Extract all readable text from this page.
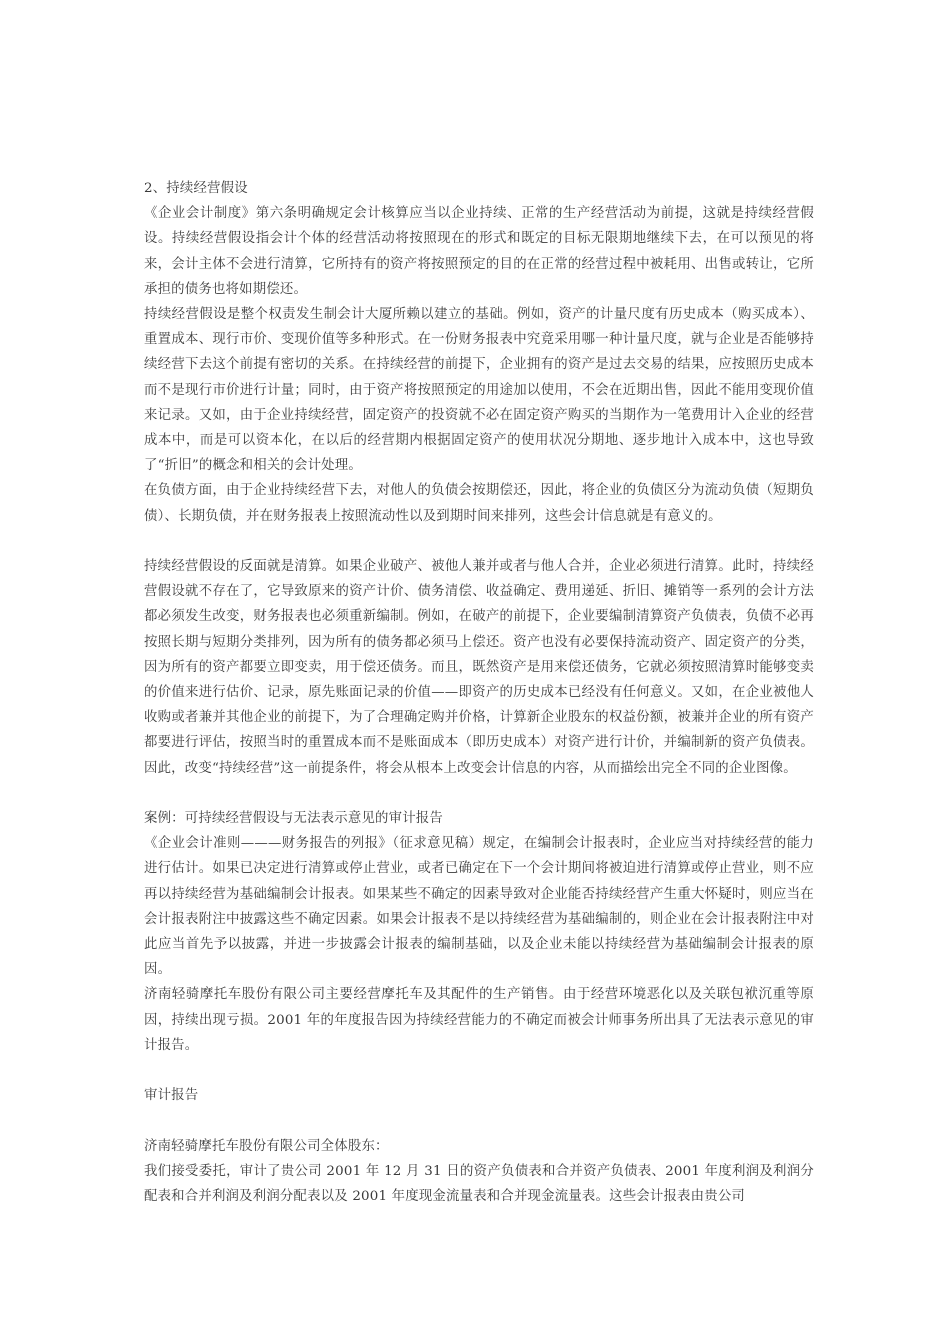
2、持续经营假设

《企业会计制度》第六条明确规定会计核算应当以企业持续、正常的生产经营活动为前提，这就是持续经营假设。持续经营假设指会计个体的经营活动将按照现在的形式和既定的目标无限期地继续下去，在可以预见的将来，会计主体不会进行清算，它所持有的资产将按照预定的目的在正常的经营过程中被耗用、出售或转让，它所承担的债务也将如期偿还。

持续经营假设是整个权责发生制会计大厦所赖以建立的基础。例如，资产的计量尺度有历史成本（购买成本）、重置成本、现行市价、变现价值等多种形式。在一份财务报表中究竟采用哪一种计量尺度，就与企业是否能够持续经营下去这个前提有密切的关系。在持续经营的前提下，企业拥有的资产是过去交易的结果，应按照历史成本而不是现行市价进行计量；同时，由于资产将按照预定的用途加以使用，不会在近期出售，因此不能用变现价值来记录。又如，由于企业持续经营，固定资产的投资就不必在固定资产购买的当期作为一笔费用计入企业的经营成本中，而是可以资本化，在以后的经营期内根据固定资产的使用状况分期地、逐步地计入成本中，这也导致了“折旧”的概念和相关的会计处理。

在负债方面，由于企业持续经营下去，对他人的负债会按期偿还，因此，将企业的负债区分为流动负债（短期负债）、长期负债，并在财务报表上按照流动性以及到期时间来排列，这些会计信息就是有意义的。

持续经营假设的反面就是清算。如果企业破产、被他人兼并或者与他人合并，企业必须进行清算。此时，持续经营假设就不存在了，它导致原来的资产计价、债务清偿、收益确定、费用递延、折旧、摊销等一系列的会计方法都必须发生改变，财务报表也必须重新编制。例如，在破产的前提下，企业要编制清算资产负债表，负债不必再按照长期与短期分类排列，因为所有的债务都必须马上偿还。资产也没有必要保持流动资产、固定资产的分类，因为所有的资产都要立即变卖，用于偿还债务。而且，既然资产是用来偿还债务，它就必须按照清算时能够变卖的价值来进行估价、记录，原先账面记录的价值——即资产的历史成本已经没有任何意义。又如，在企业被他人收购或者兼并其他企业的前提下，为了合理确定购并价格，计算新企业股东的权益份额，被兼并企业的所有资产都要进行评估，按照当时的重置成本而不是账面成本（即历史成本）对资产进行计价，并编制新的资产负债表。因此，改变“持续经营”这一前提条件，将会从根本上改变会计信息的内容，从而描绘出完全不同的企业图像。

案例：可持续经营假设与无法表示意见的审计报告

《企业会计准则———财务报告的列报》（征求意见稿）规定，在编制会计报表时，企业应当对持续经营的能力进行估计。如果已决定进行清算或停止营业，或者已确定在下一个会计期间将被迫进行清算或停止营业，则不应再以持续经营为基础编制会计报表。如果某些不确定的因素导致对企业能否持续经营产生重大怀疑时，则应当在会计报表附注中披露这些不确定因素。如果会计报表不是以持续经营为基础编制的，则企业在会计报表附注中对此应当首先予以披露，并进一步披露会计报表的编制基础，以及企业未能以持续经营为基础编制会计报表的原因。

济南轻骑摩托车股份有限公司主要经营摩托车及其配件的生产销售。由于经营环境恶化以及关联包袱沉重等原因，持续出现亏损。2001 年的年度报告因为持续经营能力的不确定而被会计师事务所出具了无法表示意见的审计报告。

审计报告

济南轻骑摩托车股份有限公司全体股东：

我们接受委托，审计了贵公司 2001 年 12 月 31 日的资产负债表和合并资产负债表、2001 年度利润及利润分配表和合并利润及利润分配表以及 2001 年度现金流量表和合并现金流量表。这些会计报表由贵公司
